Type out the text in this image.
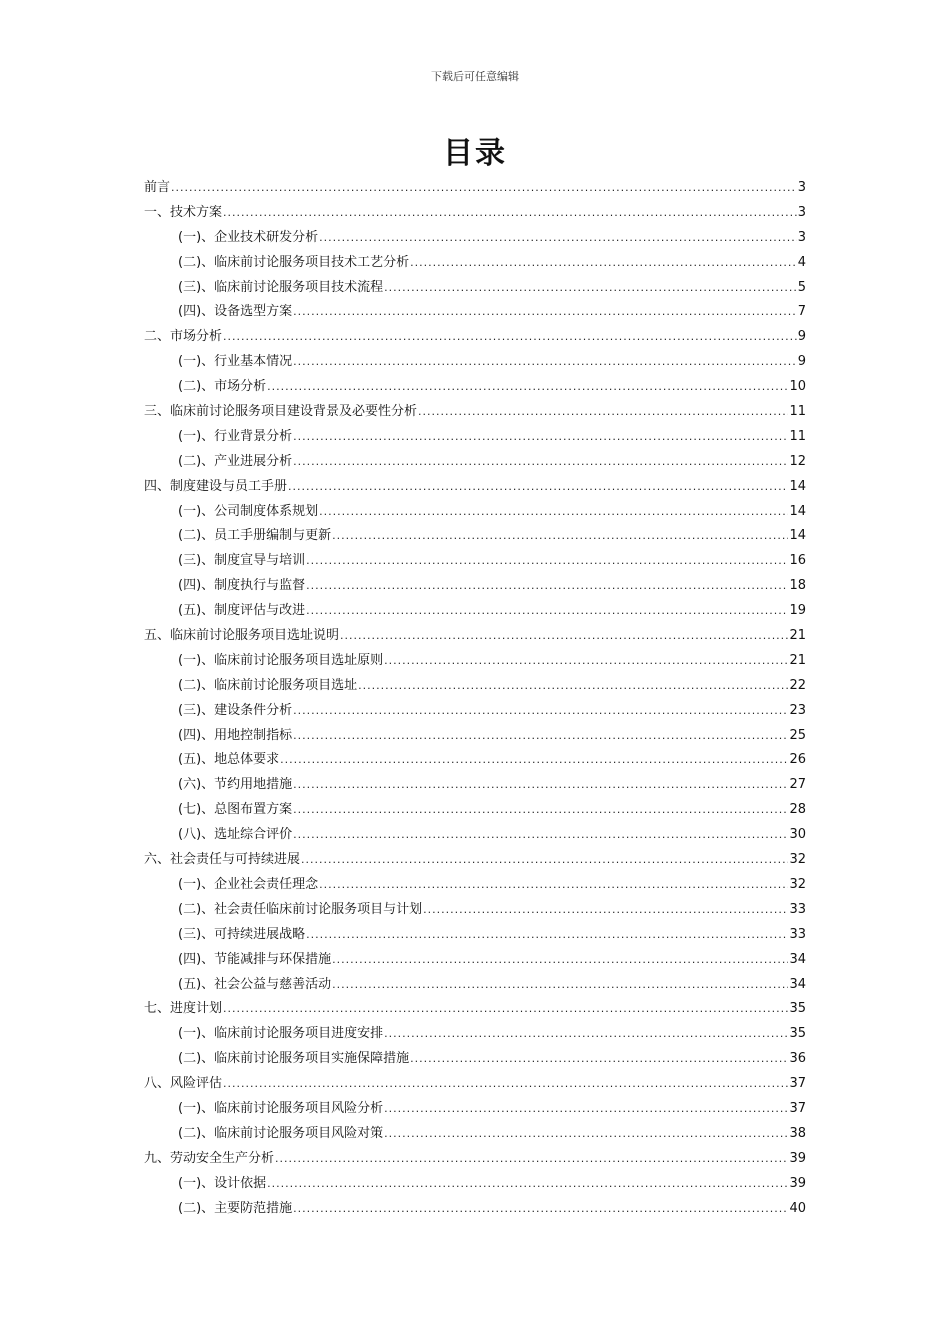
下载后可任意编辑
目录
前言 .....	3
一、技术方案 .....	3
(一)、企业技术研发分析 .....	3
(二)、临床前讨论服务项目技术工艺分析 .....	4
(三)、临床前讨论服务项目技术流程 .....	5
(四)、设备选型方案 .....	7
二、市场分析 .....	9
(一)、行业基本情况 .....	9
(二)、市场分析 .....	10
三、临床前讨论服务项目建设背景及必要性分析 .....	11
(一)、行业背景分析 .....	11
(二)、产业进展分析 .....	12
四、制度建设与员工手册 .....	14
(一)、公司制度体系规划 .....	14
(二)、员工手册编制与更新 .....	14
(三)、制度宣导与培训 .....	16
(四)、制度执行与监督 .....	18
(五)、制度评估与改进 .....	19
五、临床前讨论服务项目选址说明 .....	21
(一)、临床前讨论服务项目选址原则 .....	21
(二)、临床前讨论服务项目选址 .....	22
(三)、建设条件分析 .....	23
(四)、用地控制指标 .....	25
(五)、地总体要求 .....	26
(六)、节约用地措施 .....	27
(七)、总图布置方案 .....	28
(八)、选址综合评价 .....	30
六、社会责任与可持续进展 .....	32
(一)、企业社会责任理念 .....	32
(二)、社会责任临床前讨论服务项目与计划 .....	33
(三)、可持续进展战略 .....	33
(四)、节能减排与环保措施 .....	34
(五)、社会公益与慈善活动 .....	34
七、进度计划 .....	35
(一)、临床前讨论服务项目进度安排 .....	35
(二)、临床前讨论服务项目实施保障措施 .....	36
八、风险评估 .....	37
(一)、临床前讨论服务项目风险分析 .....	37
(二)、临床前讨论服务项目风险对策 .....	38
九、劳动安全生产分析 .....	39
(一)、设计依据 .....	39
(二)、主要防范措施 .....	40
